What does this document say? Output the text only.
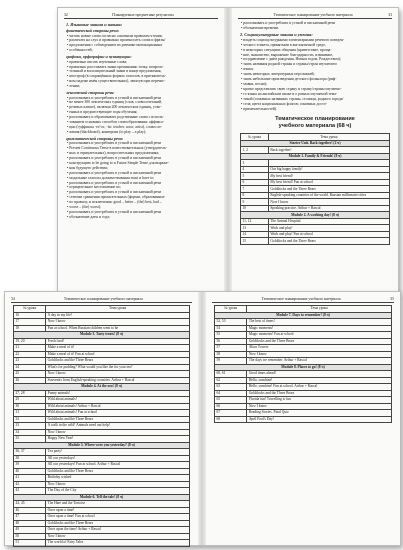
32	Планируемые предметные результаты
1. Языковые знания и навыки
фонетической стороны речи:
• читать новые слова согласно основным правилам чтения;
• различать на слух и правильно произносить слова и фразы/
• предложения с соблюдением их ритмико-интонационных
• особенностей;
графики, орфографии и пунктуации:
• правильно писать изученные слова;
• правильно расставлять знаки препинания: точку, вопроси-
• тельный и восклицательный знаки в конце предложения,
• апостроф (в сокращённых формах глаголов, в притяжатель-
• ном падеже имён существительных), запятую при перечис-
• лении;
лексической стороны речи:
• распознавать и употреблять в устной и письменной речи
• не менее 300 лексических единиц (слов, словосочетаний,
• речевых клише), включая 200 лексических единиц, усво-
• енных в предшествующие годы обучения;
• распознавать и образовывать родственные слова с исполь-
• зованием основных способов словообразования: аффикса-
• ции (суффиксы -er/-or, -ist: teacher, actor, artist), словосло-
• жения (blackboard), конверсии (to play – a play);
грамматической стороны речи:
• распознавать и употреблять в устной и письменной речи
• Present Continuous Tense в повествовательных (утвердитель-
• ных и отрицательных), вопросительных предложениях;
• распознавать и употреблять в устной и письменной речи
• конструкцию to be going to и Future Simple Tense для выраже-
• ния будущего действия;
• распознавать и употреблять в устной и письменной речи
• модальные глаголы долженствования must и have to;
• распознавать и употреблять в устной и письменной речи
• отрицательное местоимение no;
• распознавать и употреблять в устной и письменной речи
• степени сравнения прилагательных (формы, образованные
• по правилу, и исключения: good – better – (the) best, bad –
• worse – (the) worst);
• распознавать и употреблять в устной и письменной речи
• обозначение даты и года;
Тематическое планирование учебного материала	33
• распознавать и употреблять в устной и письменной речи
• обозначение времени.
2. Социокультурные знания и умения:
• владеть социокультурными элементарными речевого поведен-
• ческого этикета, принятыми в англоязычной среде,
• в некоторых ситуациях общения (приветствие, проща-
• ние, знакомство, выражение благодарности, извинение,
• поздравление с днём рождения, Новым годом, Рождеством);
• знать названия родной страны и страны/стран изучаемого
• языка;
• знать некоторых литературных персонажей;
• знать небольшие произведения детского фольклора (риф-
• мовки, песни);
• кратко представлять свою страну и страну/страны изучаемо-
• го языка на английском языке и о разных изучаемой тема-
• тикой (основных названиях страны, столицы, родного города/
• села; цвета национальных флагов; основных досто-
• примечательностей).
Тематическое планирование
учебного материала (68 ч)
№ урока	Тема урока
Starter Unit. Back together! (2 ч)	
1, 2	Back together!
Module 1. Family & Friends! (8 ч)	
3	
4	Our big happy family!
5	My best friend!
6	My best friend! Fun at school
7	Goldilocks and the Three Bears
8	English-speaking countries of the world. Russian millionaire cities
9	Now I know
10	Speaking practice. Arthur + Rascal
Module 2. A working day! (8 ч)	
11, 12	The Animal Hospital
13	Work and play!
14	Work and play! Fun at school
15	Goldilocks and the Three Bears
34	Тематическое планирование учебного материала
№ урока	Тема урока
16	A day in my life!
17	Now I know
18	Fun at school. When Russian children went to be
Module 3. Tasty treats! (8 ч)	
19, 20	Fresh food!
21	Make a meal of it!
22	Make a meal of it! Fun at school
23	Goldilocks and the Three Bears
24	What's for pudding? What would you like the for your tea?
25	Now I know
26	Souvenirs from English-speaking countries. Arthur + Rascal
Module 4. At the zoo! (8 ч)	
27, 28	Funny animals!
29	Wild about animals!
30	Wild about animals! Arthur + Rascal
31	Wild about animals! Fun at school
32	Goldilocks and the Three Bears
33	A walk in the wild! Animals need our help!
34	Now I know
35	Happy New Year!
Module 5. Where were you yesterday? (8 ч)	
36, 37	Tea party!
38	All our yesterdays!
39	All our yesterdays! Fun at school. Arthur + Rascal
40	Goldilocks and the Three Bears
41	Birthday wished
42	Now I know
43	The Day of the City
Module 6. Tell the tale! (8 ч)	
44, 45	The Hare and the Tortoise
46	Once upon a time!
47	Once upon a time! Fun at school
48	Goldilocks and the Three Bears
49	Once upon the time! Arthur + Rascal
50	Now I know
51	The world of Fairy Tales
Тематическое планирование учебного материала	35
№ урока	Тема урока
Module 7. Days to remember! (8 ч)	
52, 53	The best of times!
54	Magic moments!
55	Magic moments! Fun at school
56	Goldilocks and the Three Bears
57	Alton Towers
58	Now I know
59	The days we remember. Arthur + Rascal
Module 8. Places to go! (8 ч)	
60, 61	Good times ahead!
62	Hello, sunshine!
63	Hello, sunshine! Fun at school. Arthur + Rascal
64	Goldilocks and the Three Bears
65	Florida fun! Travelling is fun
66	Now I know
67	Reading Stories. Final Quiz
68	April Fool's Day!
